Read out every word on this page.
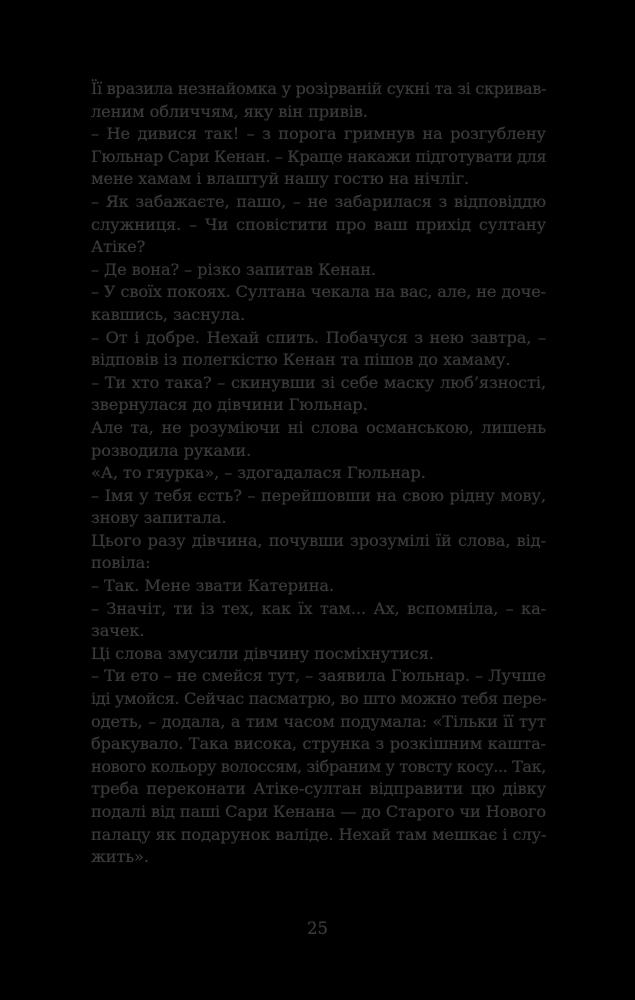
Її вразила незнайомка у розірваній сукні та зі скривав-
леним обличчям, яку він привів.
– Не дивися так! – з порога гримнув на розгублену
Гюльнар Сари Кенан. – Краще накажи підготувати для
мене хамам і влаштуй нашу гостю на нічліг.
– Як забажаєте, пашо, – не забарилася з відповіддю
служниця. – Чи сповістити про ваш прихід султану
Атіке?
– Де вона? – різко запитав Кенан.
– У своїх покоях. Султана чекала на вас, але, не доче-
кавшись, заснула.
– От і добре. Нехай спить. Побачуся з нею завтра, –
відповів із полегкістю Кенан та пішов до хамаму.
– Ти хто така? – скинувши зі себе маску люб’язності,
звернулася до дівчини Гюльнар.
Але та, не розуміючи ні слова османською, лишень
розводила руками.
«А, то гяурка», – здогадалася Гюльнар.
– Імя у тебя єсть? – перейшовши на свою рідну мову,
знову запитала.
Цього разу дівчина, почувши зрозумілі їй слова, від-
повіла:
– Так. Мене звати Катерина.
– Значіт, ти із тех, как їх там... Ах, вспомніла, – ка-
зачек.
Ці слова змусили дівчину посміхнутися.
– Ти ето – не смейся тут, – заявила Гюльнар. – Лучше
іді умойся. Сейчас пасматрю, во што можно тебя пере-
одеть, – додала, а тим часом подумала: «Тільки її тут
бракувало. Така висока, струнка з розкішним кашта-
нового кольору волоссям, зібраним у товсту косу... Так,
треба переконати Атіке-султан відправити цю дівку
подалі від паші Сари Кенана — до Старого чи Нового
палацу як подарунок валіде. Нехай там мешкає і слу-
жить».
25
